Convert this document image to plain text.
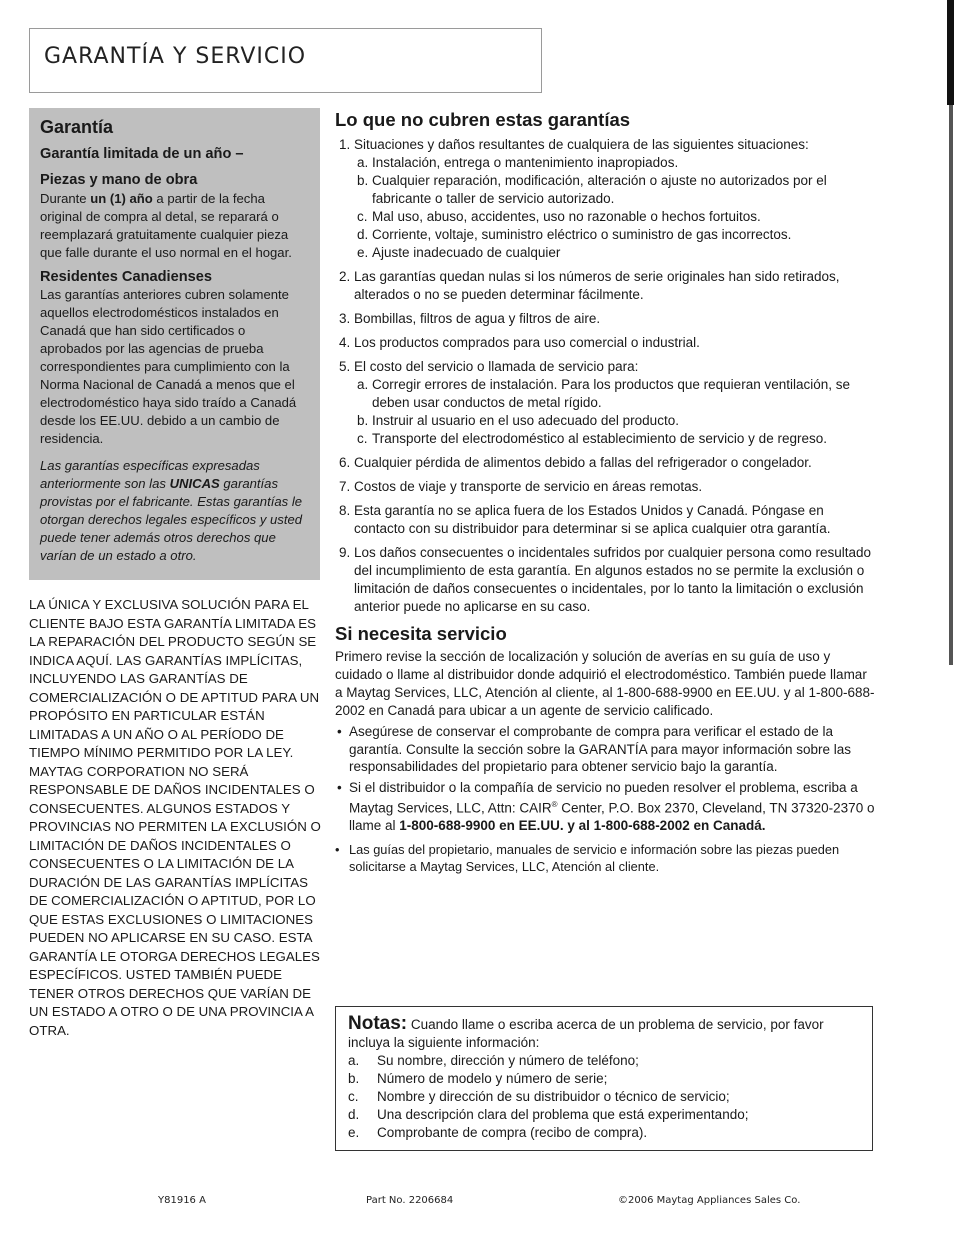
GARANTÍA Y SERVICIO
Garantía
Garantía limitada de un año –
Piezas y mano de obra

Durante un (1) año a partir de la fecha original de compra al detal, se reparará o reemplazará gratuitamente cualquier pieza que falle durante el uso normal en el hogar.

Residentes Canadienses

Las garantías anteriores cubren solamente aquellos electrodomésticos instalados en Canadá que han sido certificados o aprobados por las agencias de prueba correspondientes para cumplimiento con la Norma Nacional de Canadá a menos que el electrodoméstico haya sido traído a Canadá desde los EE.UU. debido a un cambio de residencia.

Las garantías específicas expresadas anteriormente son las UNICAS garantías provistas por el fabricante. Estas garantías le otorgan derechos legales específicos y usted puede tener además otros derechos que varían de un estado a otro.

LA ÚNICA Y EXCLUSIVA SOLUCIÓN PARA EL CLIENTE BAJO ESTA GARANTÍA LIMITADA ES LA REPARACIÓN DEL PRODUCTO SEGÚN SE INDICA AQUÍ. LAS GARANTÍAS IMPLÍCITAS, INCLUYENDO LAS GARANTÍAS DE COMERCIALIZACIÓN O DE APTITUD PARA UN PROPÓSITO EN PARTICULAR ESTÁN LIMITADAS A UN AÑO O AL PERÍODO DE TIEMPO MÍNIMO PERMITIDO POR LA LEY. MAYTAG CORPORATION NO SERÁ RESPONSABLE DE DAÑOS INCIDENTALES O CONSECUENTES. ALGUNOS ESTADOS Y PROVINCIAS NO PERMITEN LA EXCLUSIÓN O LIMITACIÓN DE DAÑOS INCIDENTALES O CONSECUENTES O LA LIMITACIÓN DE LA DURACIÓN DE LAS GARANTÍAS IMPLÍCITAS DE COMERCIALIZACIÓN O APTITUD, POR LO QUE ESTAS EXCLUSIONES O LIMITACIONES PUEDEN NO APLICARSE EN SU CASO. ESTA GARANTÍA LE OTORGA DERECHOS LEGALES ESPECÍFICOS. USTED TAMBIÉN PUEDE TENER OTROS DERECHOS QUE VARÍAN DE UN ESTADO A OTRO O DE UNA PROVINCIA A OTRA.
Lo que no cubren estas garantías
1. Situaciones y daños resultantes de cualquiera de las siguientes situaciones:
a. Instalación, entrega o mantenimiento inapropiados.
b. Cualquier reparación, modificación, alteración o ajuste no autorizados por el fabricante o taller de servicio autorizado.
c. Mal uso, abuso, accidentes, uso no razonable o hechos fortuitos.
d. Corriente, voltaje, suministro eléctrico o suministro de gas incorrectos.
e. Ajuste inadecuado de cualquier
2. Las garantías quedan nulas si los números de serie originales han sido retirados, alterados o no se pueden determinar fácilmente.
3. Bombillas, filtros de agua y filtros de aire.
4. Los productos comprados para uso comercial o industrial.
5. El costo del servicio o llamada de servicio para:
a. Corregir errores de instalación. Para los productos que requieran ventilación, se deben usar conductos de metal rígido.
b. Instruir al usuario en el uso adecuado del producto.
c. Transporte del electrodoméstico al establecimiento de servicio y de regreso.
6. Cualquier pérdida de alimentos debido a fallas del refrigerador o congelador.
7. Costos de viaje y transporte de servicio en áreas remotas.
8. Esta garantía no se aplica fuera de los Estados Unidos y Canadá. Póngase en contacto con su distribuidor para determinar si se aplica cualquier otra garantía.
9. Los daños consecuentes o incidentales sufridos por cualquier persona como resultado del incumplimiento de esta garantía. En algunos estados no se permite la exclusión o limitación de daños consecuentes o incidentales, por lo tanto la limitación o exclusión anterior puede no aplicarse en su caso.
Si necesita servicio

Primero revise la sección de localización y solución de averías en su guía de uso y cuidado o llame al distribuidor donde adquirió el electrodoméstico. También puede llamar a Maytag Services, LLC, Atención al cliente, al 1-800-688-9900 en EE.UU. y al 1-800-688-2002 en Canadá para ubicar a un agente de servicio calificado.

• Asegúrese de conservar el comprobante de compra para verificar el estado de la garantía. Consulte la sección sobre la GARANTÍA para mayor información sobre las responsabilidades del propietario para obtener servicio bajo la garantía.
• Si el distribuidor o la compañía de servicio no pueden resolver el problema, escriba a Maytag Services, LLC, Attn: CAIR® Center, P.O. Box 2370, Cleveland, TN 37320-2370 o llame al 1-800-688-9900 en EE.UU. y al 1-800-688-2002 en Canadá.
• Las guías del propietario, manuales de servicio e información sobre las piezas pueden solicitarse a Maytag Services, LLC, Atención al cliente.
Notas: Cuando llame o escriba acerca de un problema de servicio, por favor incluya la siguiente información:
a. Su nombre, dirección y número de teléfono;
b. Número de modelo y número de serie;
c. Nombre y dirección de su distribuidor o técnico de servicio;
d. Una descripción clara del problema que está experimentando;
e. Comprobante de compra (recibo de compra).
Y81916 A	Part No. 2206684	©2006 Maytag Appliances Sales Co.
